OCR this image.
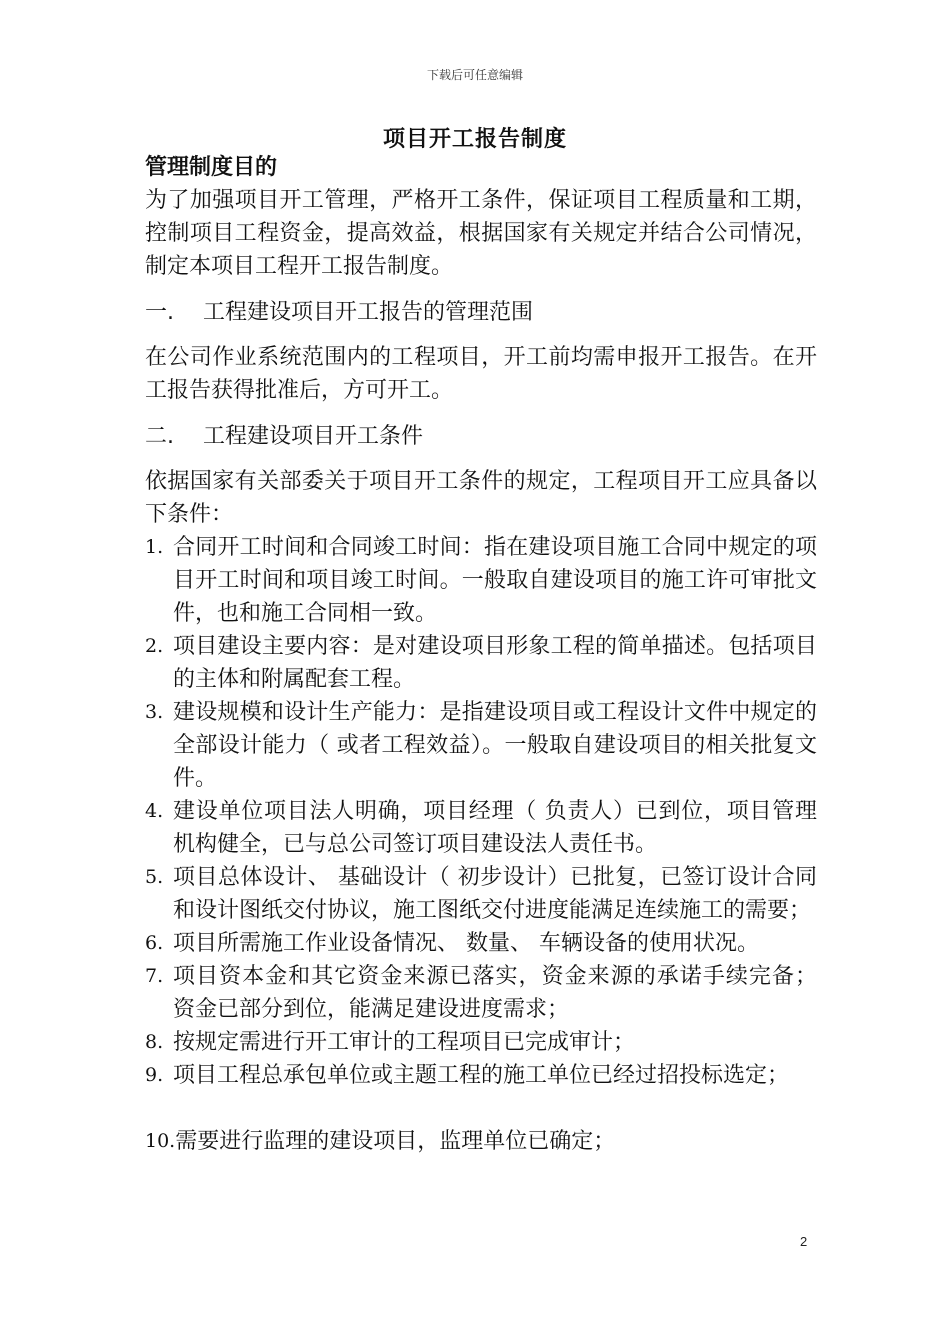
下载后可任意编辑
项目开工报告制度
管理制度目的

为了加强项目开工管理，严格开工条件，保证项目工程质量和工期，控制项目工程资金，提高效益，根据国家有关规定并结合公司情况，制定本项目工程开工报告制度。

一. 工程建设项目开工报告的管理范围

在公司作业系统范围内的工程项目，开工前均需申报开工报告。在开工报告获得批准后，方可开工。

二. 工程建设项目开工条件

依据国家有关部委关于项目开工条件的规定，工程项目开工应具备以下条件：

1. 合同开工时间和合同竣工时间：指在建设项目施工合同中规定的项目开工时间和项目竣工时间。一般取自建设项目的施工许可审批文件，也和施工合同相一致。
2. 项目建设主要内容：是对建设项目形象工程的简单描述。包括项目的主体和附属配套工程。
3. 建设规模和设计生产能力：是指建设项目或工程设计文件中规定的全部设计能力（ 或者工程效益）。一般取自建设项目的相关批复文件。
4. 建设单位项目法人明确，项目经理（ 负责人）已到位，项目管理机构健全，已与总公司签订项目建设法人责任书。
5. 项目总体设计、 基础设计（ 初步设计）已批复，已签订设计合同和设计图纸交付协议，施工图纸交付进度能满足连续施工的需要；
6. 项目所需施工作业设备情况、 数量、 车辆设备的使用状况。
7. 项目资本金和其它资金来源已落实，资金来源的承诺手续完备； 资金已部分到位，能满足建设进度需求；
8. 按规定需进行开工审计的工程项目已完成审计；
9. 项目工程总承包单位或主题工程的施工单位已经过招投标选定；
10. 需要进行监理的建设项目，监理单位已确定；
2
